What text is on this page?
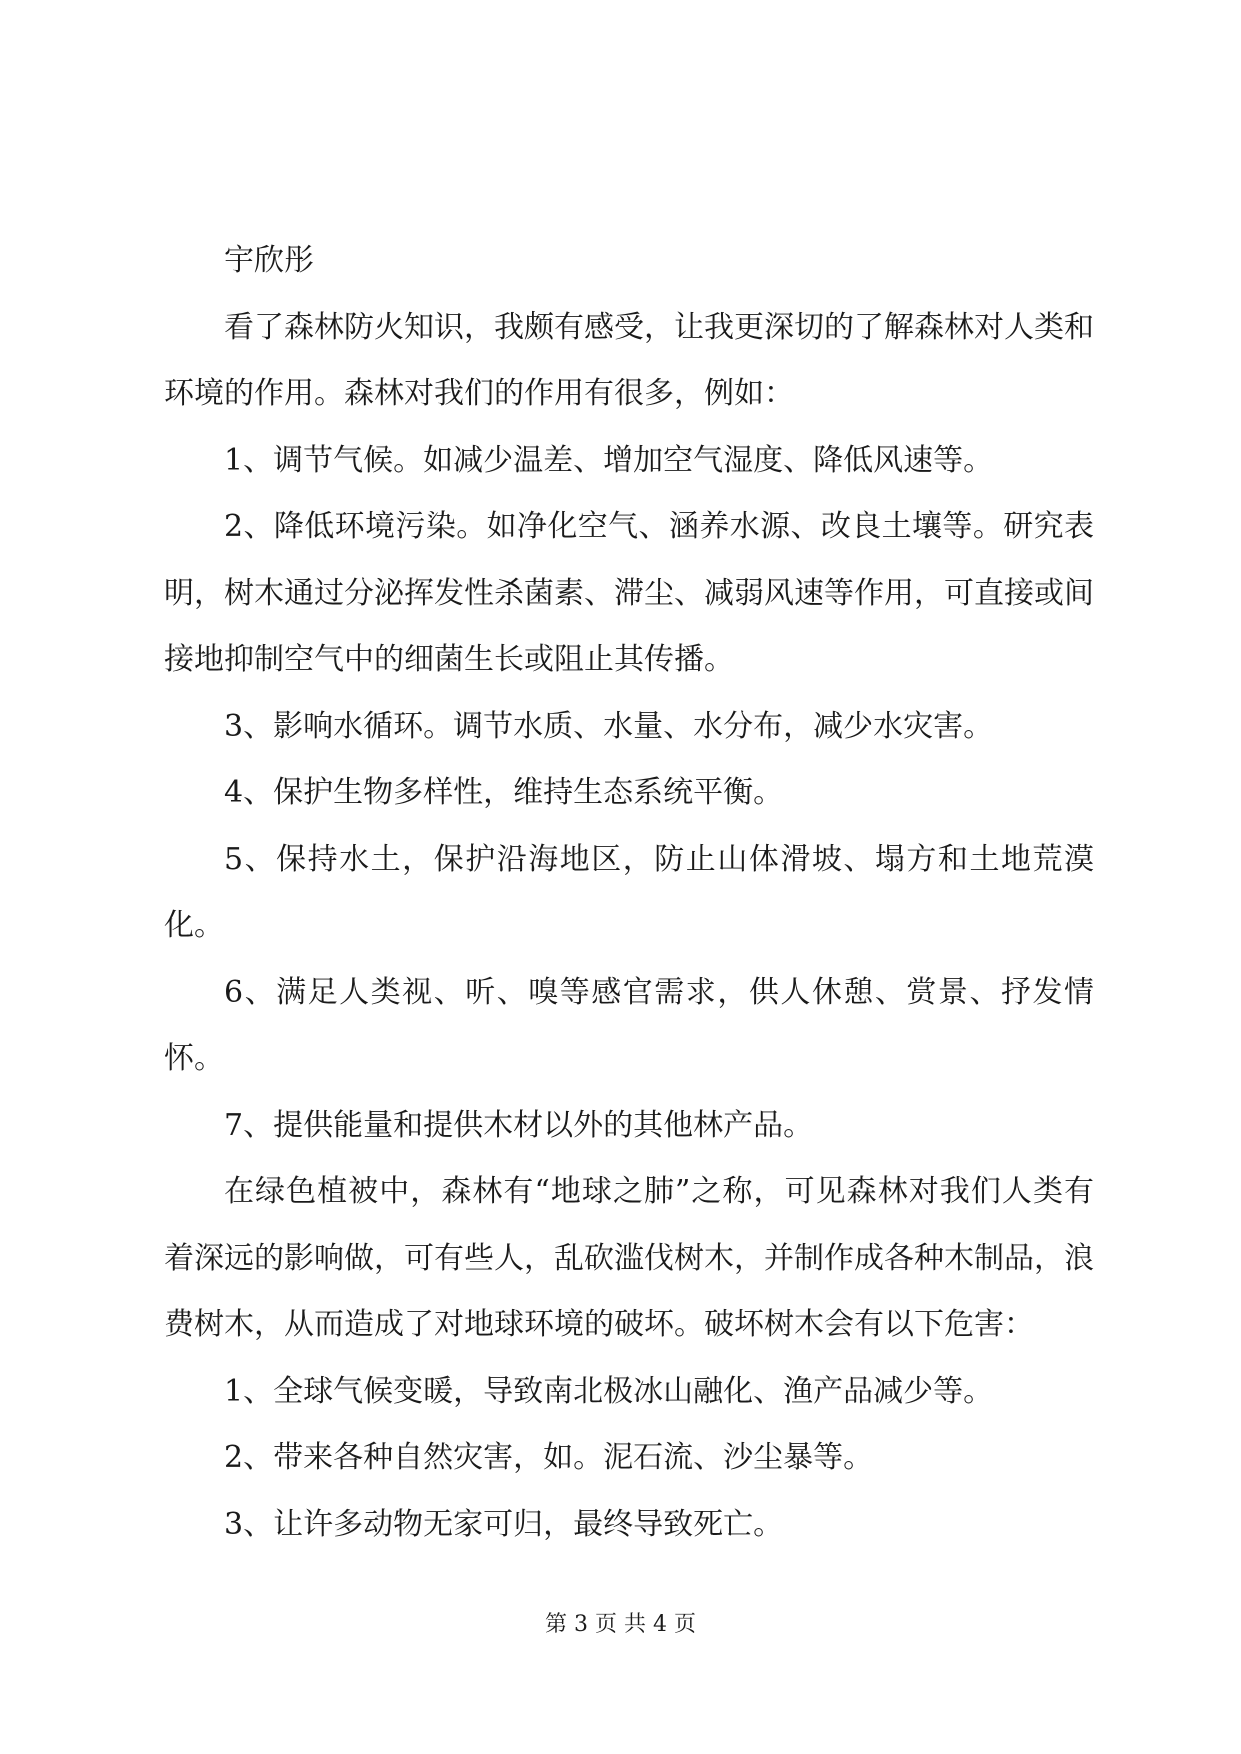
宇欣彤

看了森林防火知识，我颇有感受，让我更深切的了解森林对人类和环境的作用。森林对我们的作用有很多，例如：

1、调节气候。如减少温差、增加空气湿度、降低风速等。

2、降低环境污染。如净化空气、涵养水源、改良土壤等。研究表明，树木通过分泌挥发性杀菌素、滞尘、减弱风速等作用，可直接或间接地抑制空气中的细菌生长或阻止其传播。

3、影响水循环。调节水质、水量、水分布，减少水灾害。

4、保护生物多样性，维持生态系统平衡。

5、保持水土，保护沿海地区，防止山体滑坡、塌方和土地荒漠化。

6、满足人类视、听、嗅等感官需求，供人休憩、赏景、抒发情怀。

7、提供能量和提供木材以外的其他林产品。

在绿色植被中，森林有“地球之肺”之称，可见森林对我们人类有着深远的影响做，可有些人，乱砍滥伐树木，并制作成各种木制品，浪费树木，从而造成了对地球环境的破坏。破坏树木会有以下危害：

1、全球气候变暖，导致南北极冰山融化、渔产品减少等。

2、带来各种自然灾害，如。泥石流、沙尘暴等。

3、让许多动物无家可归，最终导致死亡。

第 3 页 共 4 页
